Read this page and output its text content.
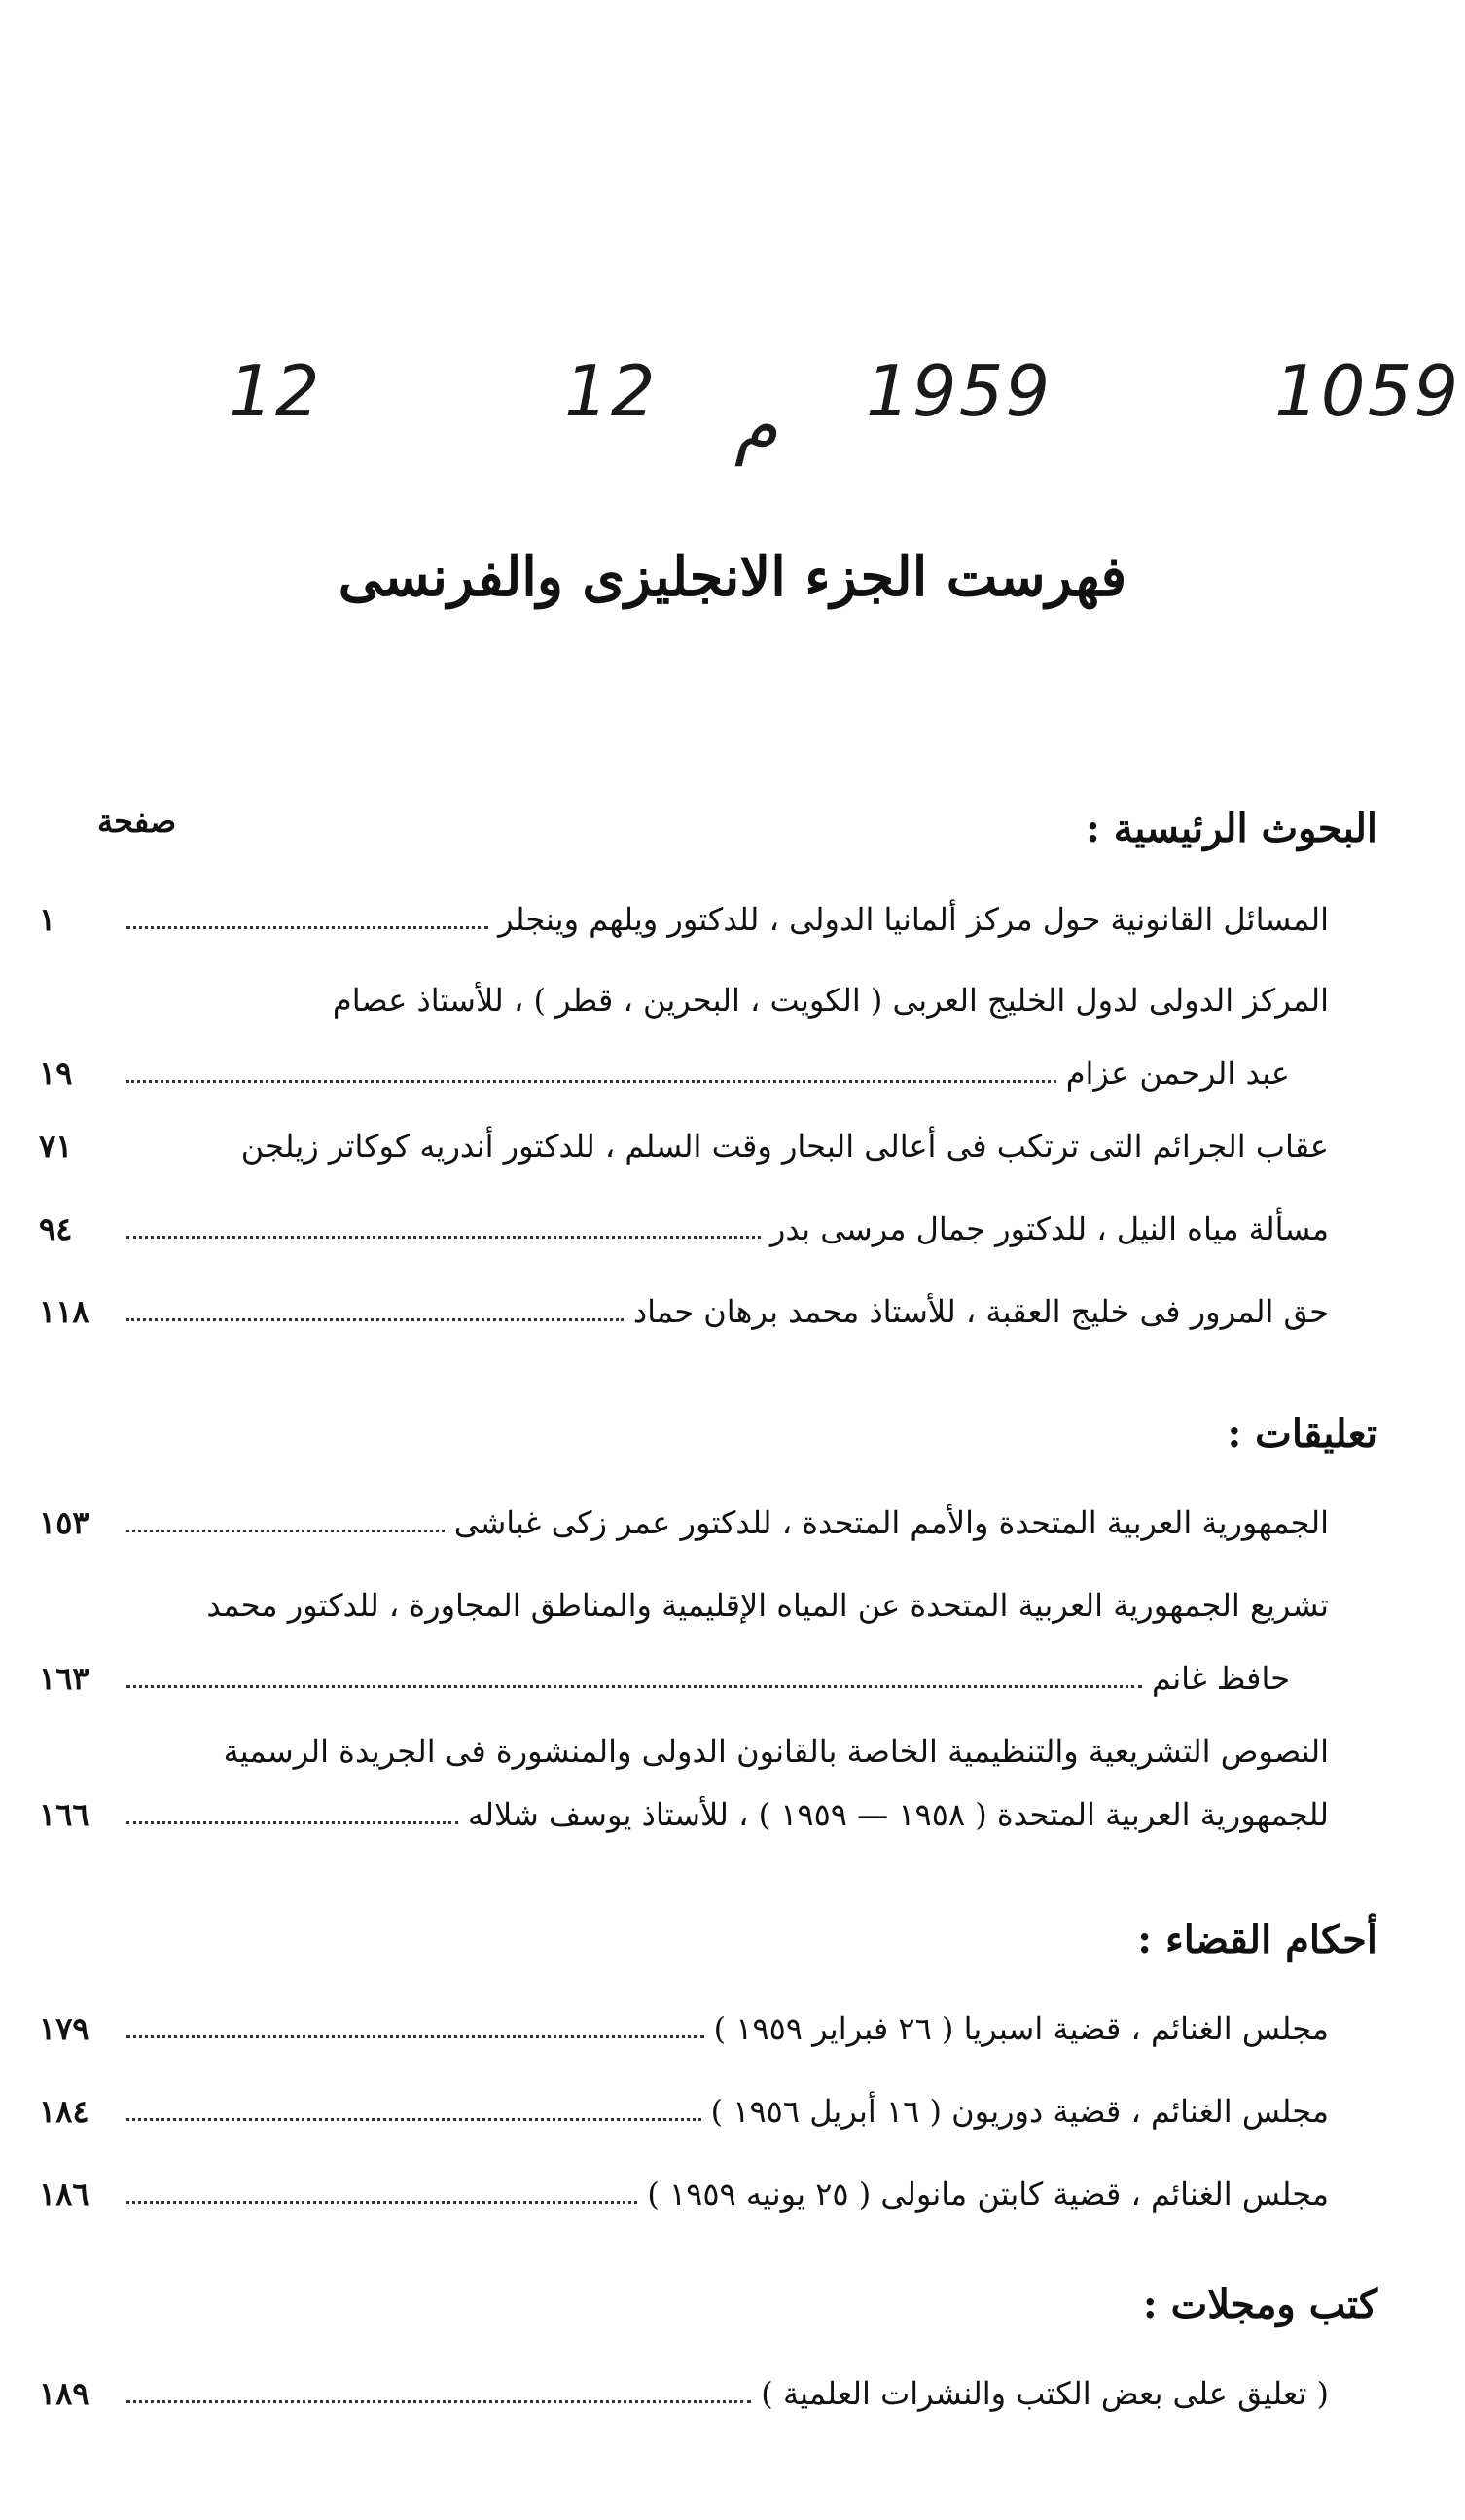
12	12 م 1959	1059
فهرست الجزء الانجليزى والفرنسى
البحوث الرئيسية :
صفحة
المسائل القانونية حول مركز ألمانيا الدولى ، للدكتور ويلهم وينجلر
١
المركز الدولى لدول الخليج العربى ( الكويت ، البحرين ، قطر ) ، للأستاذ عصام
عبد الرحمن عزام
١٩
عقاب الجرائم التى ترتكب فى أعالى البحار وقت السلم ، للدكتور أندريه كوكاتر زيلجن
٧١
مسألة مياه النيل ، للدكتور جمال مرسى بدر
٩٤
حق المرور فى خليج العقبة ، للأستاذ محمد برهان حماد
١١٨
تعليقات :
الجمهورية العربية المتحدة والأمم المتحدة ، للدكتور عمر زكى غباشى
١٥٣
تشريع الجمهورية العربية المتحدة عن المياه الإقليمية والمناطق المجاورة ، للدكتور محمد
حافظ غانم
١٦٣
النصوص التشريعية والتنظيمية الخاصة بالقانون الدولى والمنشورة فى الجريدة الرسمية
للجمهورية العربية المتحدة ( ١٩٥٨ — ١٩٥٩ ) ، للأستاذ يوسف شلاله
١٦٦
أحكام القضاء :
مجلس الغنائم ، قضية اسبريا ( ٢٦ فبراير ١٩٥٩ )
١٧٩
مجلس الغنائم ، قضية دوريون ( ١٦ أبريل ١٩٥٦ )
١٨٤
مجلس الغنائم ، قضية كابتن مانولى ( ٢٥ يونيه ١٩٥٩ )
١٨٦
كتب ومجلات :
( تعليق على بعض الكتب والنشرات العلمية )
١٨٩
